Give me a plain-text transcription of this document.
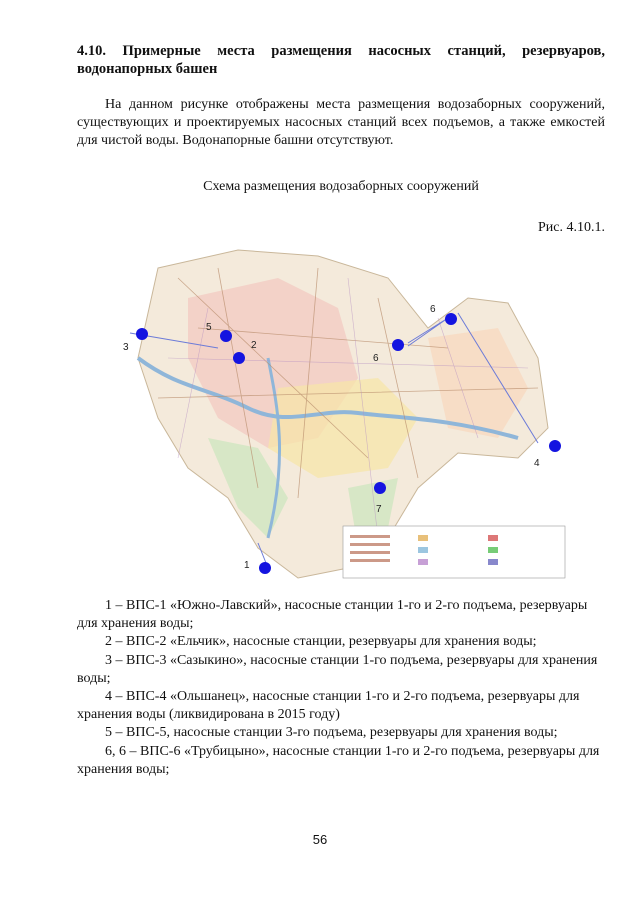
4.10. Примерные места размещения насосных станций, резервуаров, водонапорных башен
На данном рисунке отображены места размещения водозаборных сооружений, существующих и проектируемых насосных станций всех подъемов, а также емкостей для чистой воды. Водонапорные башни отсутствуют.
Схема размещения водозаборных сооружений
Рис. 4.10.1.
1
2
3
4
5
6
6
7

1 – ВПС-1 «Южно-Лавский», насосные станции 1-го и 2-го подъема, резервуары для хранения воды;

2 – ВПС-2 «Ельчик», насосные станции, резервуары для хранения воды;

3 – ВПС-3 «Сазыкино», насосные станции 1-го подъема, резервуары для хранения воды;

4 – ВПС-4 «Ольшанец», насосные станции 1-го и 2-го подъема, резервуары для хранения воды (ликвидирована в 2015 году)

5 – ВПС-5, насосные станции 3-го подъема, резервуары для хранения воды;

6, 6 – ВПС-6 «Трубицыно», насосные станции 1-го и 2-го подъема, резервуары для хранения воды;

56
